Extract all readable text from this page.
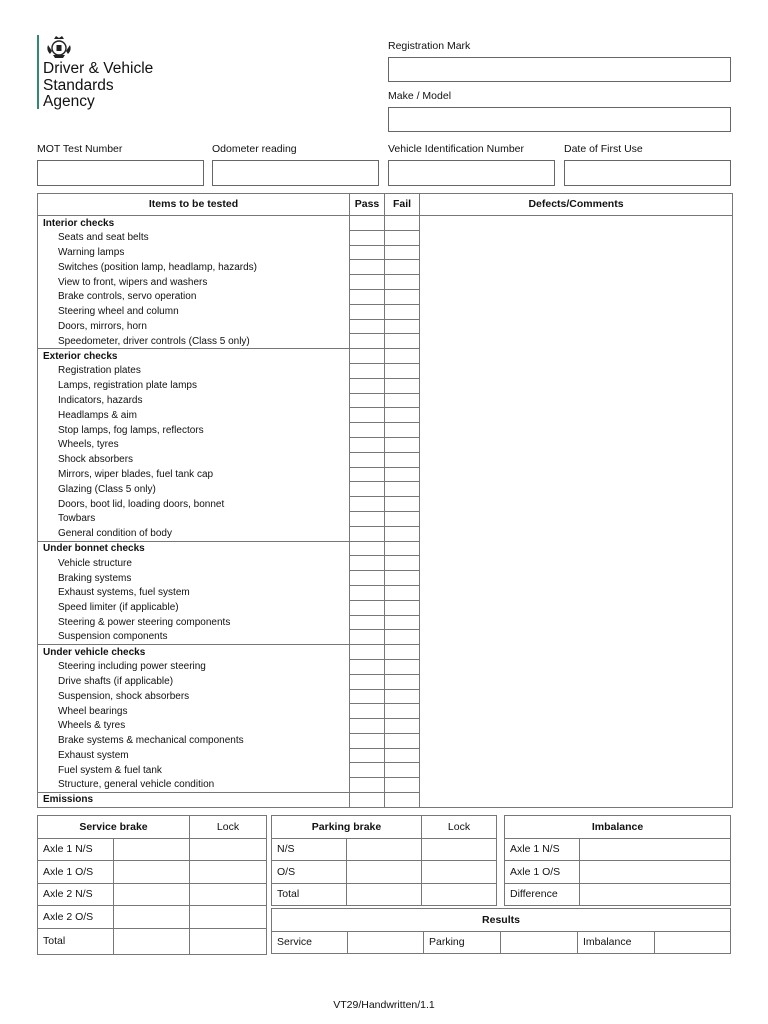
Driver & Vehicle
Standards
Agency
Registration Mark
Make / Model
MOT Test Number	Odometer reading	Vehicle Identification Number	Date of First Use
Items to be tested	Pass	Fail	Defects/Comments
Interior checks			
Seats and seat belts			
Warning lamps			
Switches (position lamp, headlamp, hazards)			
View to front, wipers and washers			
Brake controls, servo operation			
Steering wheel and column			
Doors, mirrors, horn			
Speedometer, driver controls (Class 5 only)			
Exterior checks			
Registration plates			
Lamps, registration plate lamps			
Indicators, hazards			
Headlamps & aim			
Stop lamps, fog lamps, reflectors			
Wheels, tyres			
Shock absorbers			
Mirrors, wiper blades, fuel tank cap			
Glazing (Class 5 only)			
Doors, boot lid, loading doors, bonnet			
Towbars			
General condition of body			
Under bonnet checks			
Vehicle structure			
Braking systems			
Exhaust systems, fuel system			
Speed limiter (if applicable)			
Steering & power steering components			
Suspension components			
Under vehicle checks			
Steering including power steering			
Drive shafts (if applicable)			
Suspension, shock absorbers			
Wheel bearings			
Wheels & tyres			
Brake systems & mechanical components			
Exhaust system			
Fuel system & fuel tank			
Structure, general vehicle condition			
Emissions			
Service brake		Lock
Axle 1 N/S		
Axle 1 O/S		
Axle 2 N/S		
Axle 2 O/S		
Total		
Parking brake		Lock
N/S		
O/S		
Total		
Imbalance	
Axle 1 N/S	
Axle 1 O/S	
Difference	
Results
Service		Parking		Imbalance	
VT29/Handwritten/1.1
